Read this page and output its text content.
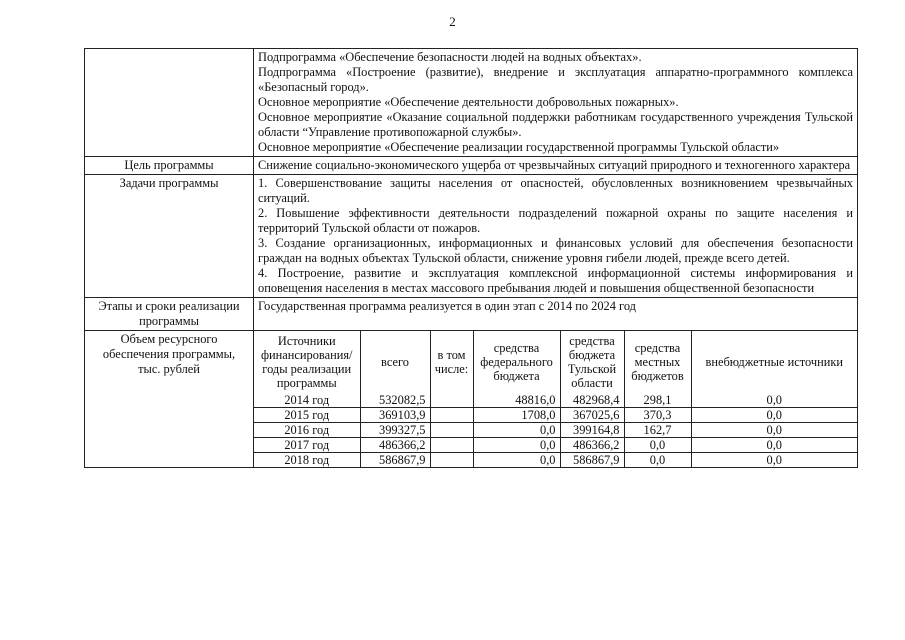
2

Подпрограмма «Обеспечение безопасности людей на водных объектах».
Подпрограмма «Построение (развитие), внедрение и эксплуатация аппаратно-программного комплекса «Безопасный город».
Основное мероприятие «Обеспечение деятельности добровольных пожарных».
Основное мероприятие «Оказание социальной поддержки работникам государственного учреждения Тульской области “Управление противопожарной службы».
Основное мероприятие «Обеспечение реализации государственной программы Тульской области»

Цель программы	Снижение социально-экономического ущерба от чрезвычайных ситуаций природного и техногенного характера
Задачи программы	1. Совершенствование защиты населения от опасностей, обусловленных возникновением чрезвычайных ситуаций.
2. Повышение эффективности деятельности подразделений пожарной охраны по защите населения и территорий Тульской области от пожаров.
3. Создание организационных, информационных и финансовых условий для обеспечения безопасности граждан на водных объектах Тульской области, снижение уровня гибели людей, прежде всего детей.
4. Построение, развитие и эксплуатация комплексной информационной системы информирования и оповещения населения в местах массового пребывания людей и повышения общественной безопасности

Этапы и сроки реализации программы	Государственная программа реализуется в один этап с 2014 по 2024 год
Объем ресурсного обеспечения программы, тыс. рублей	
Источники финансирования/ годы реализации программы	всего	в том числе:	средства федерального бюджета	средства бюджета Тульской области	средства местных бюджетов	внебюджетные источники
2014 год	532082,5		48816,0	482968,4	298,1	0,0
2015 год	369103,9		1708,0	367025,6	370,3	0,0
2016 год	399327,5		0,0	399164,8	162,7	0,0
2017 год	486366,2		0,0	486366,2	0,0	0,0
2018 год	586867,9		0,0	586867,9	0,0	0,0
